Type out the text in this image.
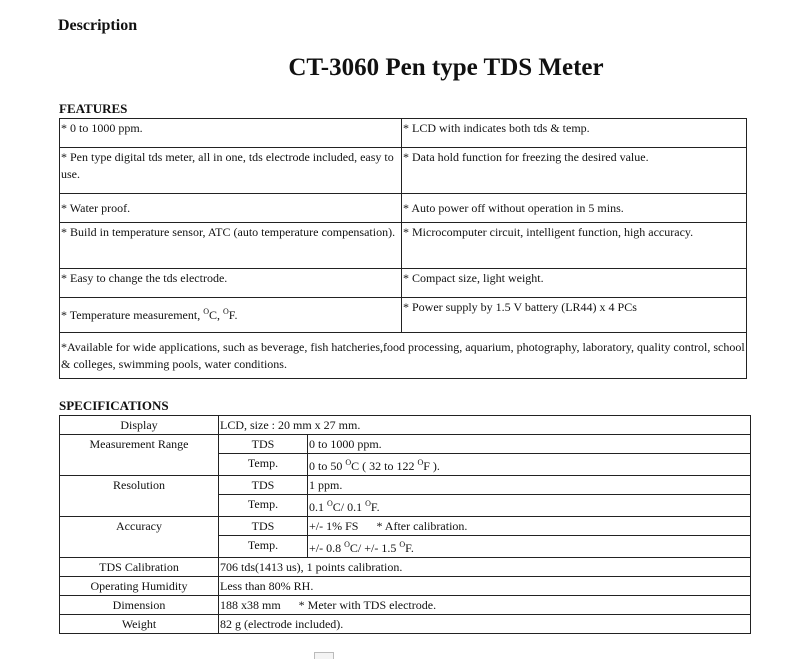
Description
CT-3060 Pen type TDS Meter
FEATURES
* 0 to 1000 ppm.	* LCD with indicates both tds & temp.
* Pen type digital tds meter, all in one, tds electrode included, easy to use.	* Data hold function for freezing the desired value.
* Water proof.	* Auto power off without operation in 5 mins.
* Build in temperature sensor, ATC (auto temperature compensation).	* Microcomputer circuit, intelligent function, high accuracy.
* Easy to change the tds electrode.	* Compact size, light weight.
* Temperature measurement, $^O$C, $^O$F.	* Power supply by 1.5 V battery (LR44) x 4 PCs
*Available for wide applications, such as beverage, fish hatcheries,food processing, aquarium, photography, laboratory, quality control, school & colleges, swimming pools, water conditions.	
SPECIFICATIONS
Display	LCD, size : 20 mm x 27 mm.	
Measurement Range	TDS	0 to 1000 ppm.
	Temp.	0 to 50 $^O$C ( 32 to 122 $^O$F ).
Resolution	TDS	1 ppm.
	Temp.	0.1 $^O$C/ 0.1 $^O$F.
Accuracy	TDS	+/- 1% FS * After calibration.
	Temp.	+/- 0.8 $^O$C/ +/- 1.5 $^O$F.
TDS Calibration	706 tds(1413 us), 1 points calibration.	
Operating Humidity	Less than 80% RH.	
Dimension	188 x38 mm * Meter with TDS electrode.	
Weight	82 g (electrode included).	
